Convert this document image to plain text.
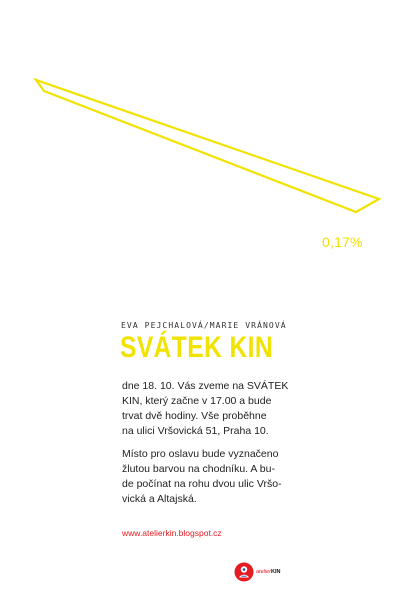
0,17%
EVA PEJCHALOVÁ/MARIE VRÁNOVÁ
SVÁTEK KIN
dne 18. 10. Vás zveme na SVÁTEK
KIN, který začne v 17.00 a bude
trvat dvě hodiny. Vše proběhne
na ulici Vršovická 51, Praha 10.
Místo pro oslavu bude vyznačeno
žlutou barvou na chodníku. A bu-
de počínat na rohu dvou ulic Vršo-
vická a Altajská.
www.atelierkin.blogspot.cz
atelierKIN
